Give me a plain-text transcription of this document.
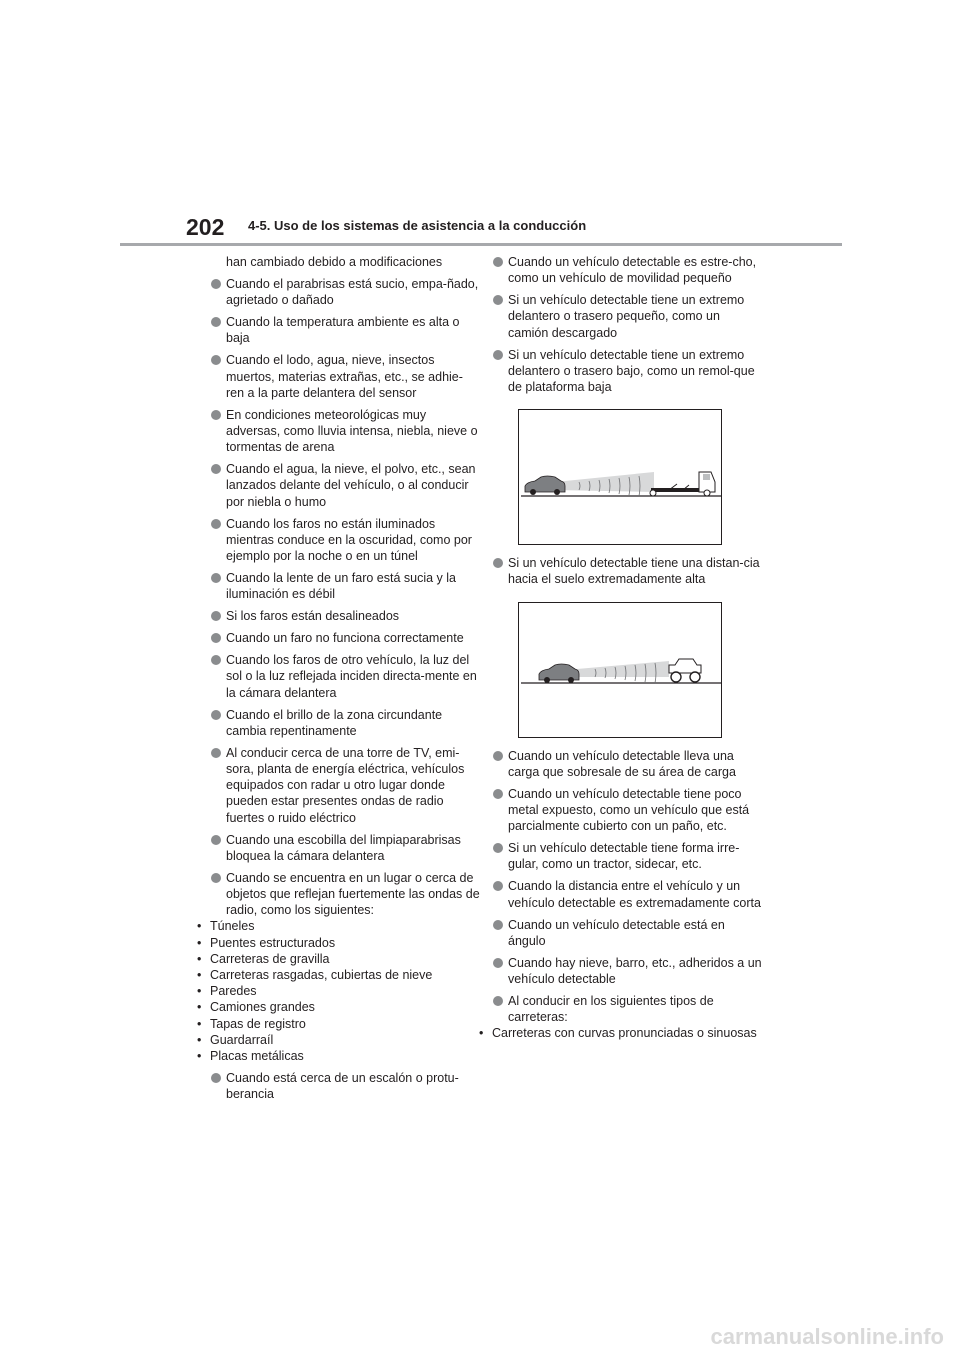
202 4-5. Uso de los sistemas de asistencia a la conducción
han cambiado debido a modificaciones
Cuando el parabrisas está sucio, empa-ñado, agrietado o dañado
Cuando la temperatura ambiente es alta o baja
Cuando el lodo, agua, nieve, insectos muertos, materias extrañas, etc., se adhie-ren a la parte delantera del sensor
En condiciones meteorológicas muy adversas, como lluvia intensa, niebla, nieve o tormentas de arena
Cuando el agua, la nieve, el polvo, etc., sean lanzados delante del vehículo, o al conducir por niebla o humo
Cuando los faros no están iluminados mientras conduce en la oscuridad, como por ejemplo por la noche o en un túnel
Cuando la lente de un faro está sucia y la iluminación es débil
Si los faros están desalineados
Cuando un faro no funciona correctamente
Cuando los faros de otro vehículo, la luz del sol o la luz reflejada inciden directa-mente en la cámara delantera
Cuando el brillo de la zona circundante cambia repentinamente
Al conducir cerca de una torre de TV, emi-sora, planta de energía eléctrica, vehículos equipados con radar u otro lugar donde pueden estar presentes ondas de radio fuertes o ruido eléctrico
Cuando una escobilla del limpiaparabrisas bloquea la cámara delantera
Cuando se encuentra en un lugar o cerca de objetos que reflejan fuertemente las ondas de radio, como los siguientes:
• Túneles
• Puentes estructurados
• Carreteras de gravilla
• Carreteras rasgadas, cubiertas de nieve
• Paredes
• Camiones grandes
• Tapas de registro
• Guardarraíl
• Placas metálicas
Cuando está cerca de un escalón o protu-berancia
Cuando un vehículo detectable es estre-cho, como un vehículo de movilidad pequeño
Si un vehículo detectable tiene un extremo delantero o trasero pequeño, como un camión descargado
Si un vehículo detectable tiene un extremo delantero o trasero bajo, como un remol-que de plataforma baja
Si un vehículo detectable tiene una distan-cia hacia el suelo extremadamente alta
Cuando un vehículo detectable lleva una carga que sobresale de su área de carga
Cuando un vehículo detectable tiene poco metal expuesto, como un vehículo que está parcialmente cubierto con un paño, etc.
Si un vehículo detectable tiene forma irre-gular, como un tractor, sidecar, etc.
Cuando la distancia entre el vehículo y un vehículo detectable es extremadamente corta
Cuando un vehículo detectable está en ángulo
Cuando hay nieve, barro, etc., adheridos a un vehículo detectable
Al conducir en los siguientes tipos de carreteras:
• Carreteras con curvas pronunciadas o sinuosas
carmanualsonline.info
